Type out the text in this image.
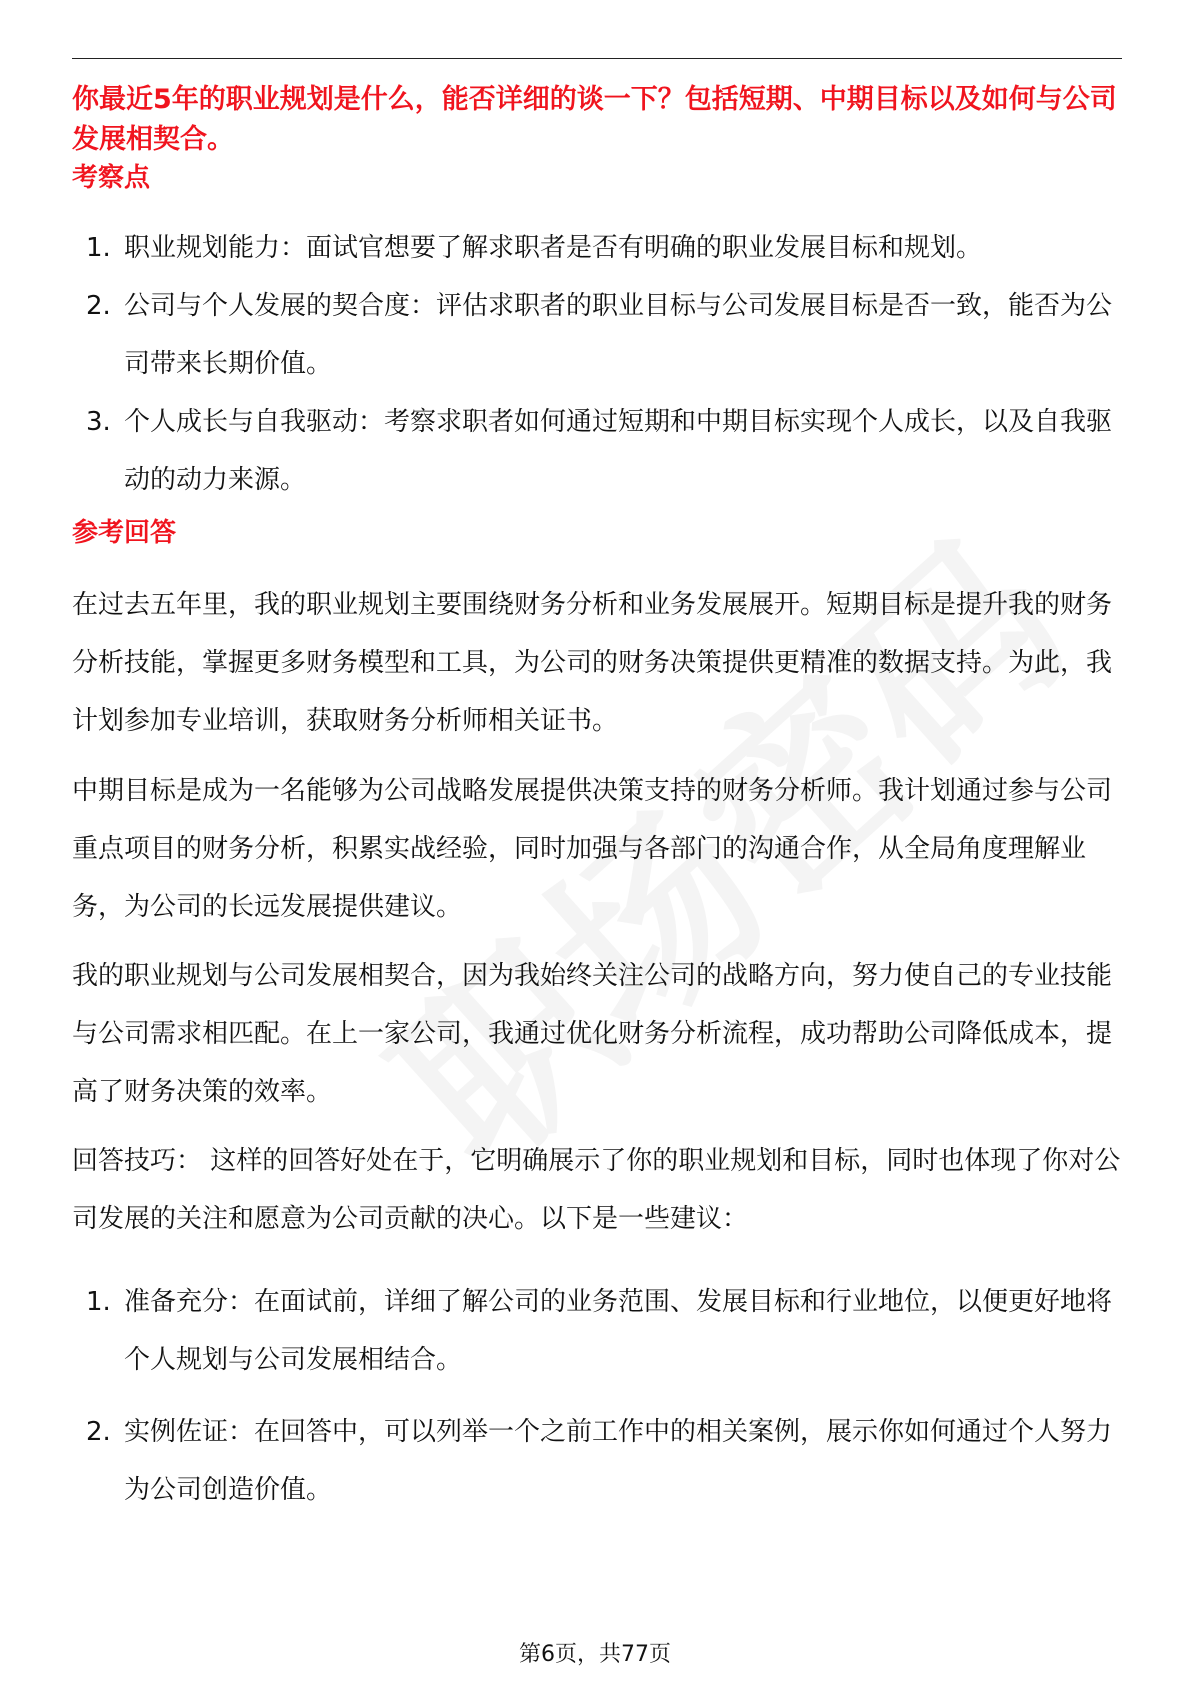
你最近5年的职业规划是什么，能否详细的谈一下？包括短期、中期目标以及如何与公司发展相契合。

考察点
1. 职业规划能力：面试官想要了解求职者是否有明确的职业发展目标和规划。
2. 公司与个人发展的契合度：评估求职者的职业目标与公司发展目标是否一致，能否为公司带来长期价值。
3. 个人成长与自我驱动：考察求职者如何通过短期和中期目标实现个人成长，以及自我驱动的动力来源。
参考回答

在过去五年里，我的职业规划主要围绕财务分析和业务发展展开。短期目标是提升我的财务分析技能，掌握更多财务模型和工具，为公司的财务决策提供更精准的数据支持。为此，我计划参加专业培训，获取财务分析师相关证书。

中期目标是成为一名能够为公司战略发展提供决策支持的财务分析师。我计划通过参与公司重点项目的财务分析，积累实战经验，同时加强与各部门的沟通合作，从全局角度理解业务，为公司的长远发展提供建议。

我的职业规划与公司发展相契合，因为我始终关注公司的战略方向，努力使自己的专业技能与公司需求相匹配。在上一家公司，我通过优化财务分析流程，成功帮助公司降低成本，提高了财务决策的效率。

回答技巧： 这样的回答好处在于，它明确展示了你的职业规划和目标，同时也体现了你对公司发展的关注和愿意为公司贡献的决心。以下是一些建议：

1. 准备充分：在面试前，详细了解公司的业务范围、发展目标和行业地位，以便更好地将个人规划与公司发展相结合。
2. 实例佐证：在回答中，可以列举一个之前工作中的相关案例，展示你如何通过个人努力为公司创造价值。
第6页，共77页
